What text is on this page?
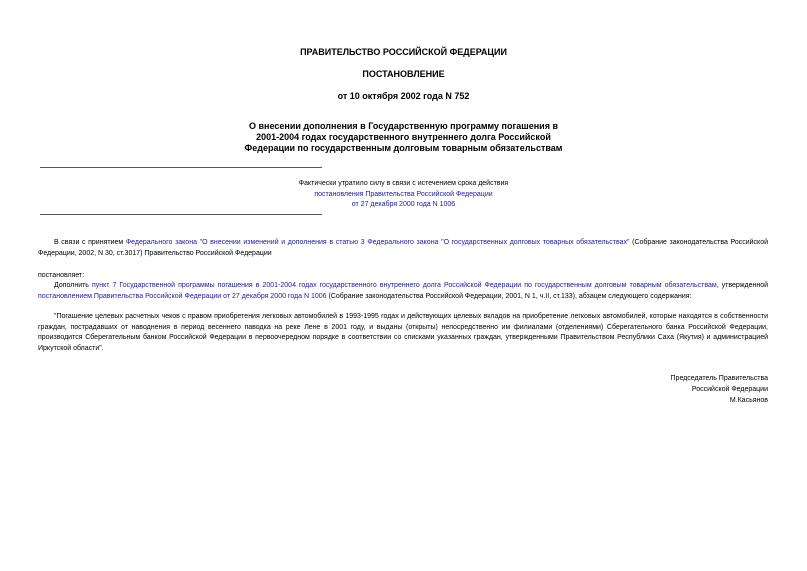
ПРАВИТЕЛЬСТВО РОССИЙСКОЙ ФЕДЕРАЦИИ
ПОСТАНОВЛЕНИЕ
от 10 октября 2002 года N 752
О внесении дополнения в Государственную программу погашения в
2001-2004 годах государственного внутреннего долга Российской
Федерации по государственным долговым товарным обязательствам
Фактически утратило силу в связи с истечением срока действия
постановления Правительства Российской Федерации
от 27 декабря 2000 года N 1006

В связи с принятием Федерального закона "О внесении изменений и дополнения в статью 3 Федерального закона "О государственных долговых товарных обязательствах" (Собрание законодательства Российской Федерации, 2002, N 30, ст.3017) Правительство Российской Федерации

постановляет:

Дополнить пункт 7 Государственной программы погашения в 2001-2004 годах государственного внутреннего долга Российской Федерации по государственным долговым товарным обязательствам, утвержденной постановлением Правительства Российской Федерации от 27 декабря 2000 года N 1006 (Собрание законодательства Российской Федерации, 2001, N 1, ч.II, ст.133), абзацем следующего содержания:

"Погашение целевых расчетных чеков с правом приобретения легковых автомобилей в 1993-1995 годах и действующих целевых вкладов на приобретение легковых автомобилей, которые находятся в собственности граждан, пострадавших от наводнения в период весеннего паводка на реке Лене в 2001 году, и выданы (открыты) непосредственно им филиалами (отделениями) Сберегательного банка Российской Федерации, производится Сберегательным банком Российской Федерации в первоочередном порядке в соответствии со списками указанных граждан, утвержденными Правительством Республики Саха (Якутия) и администрацией Иркутской области".

Председатель Правительства
Российской Федерации
М.Касьянов
